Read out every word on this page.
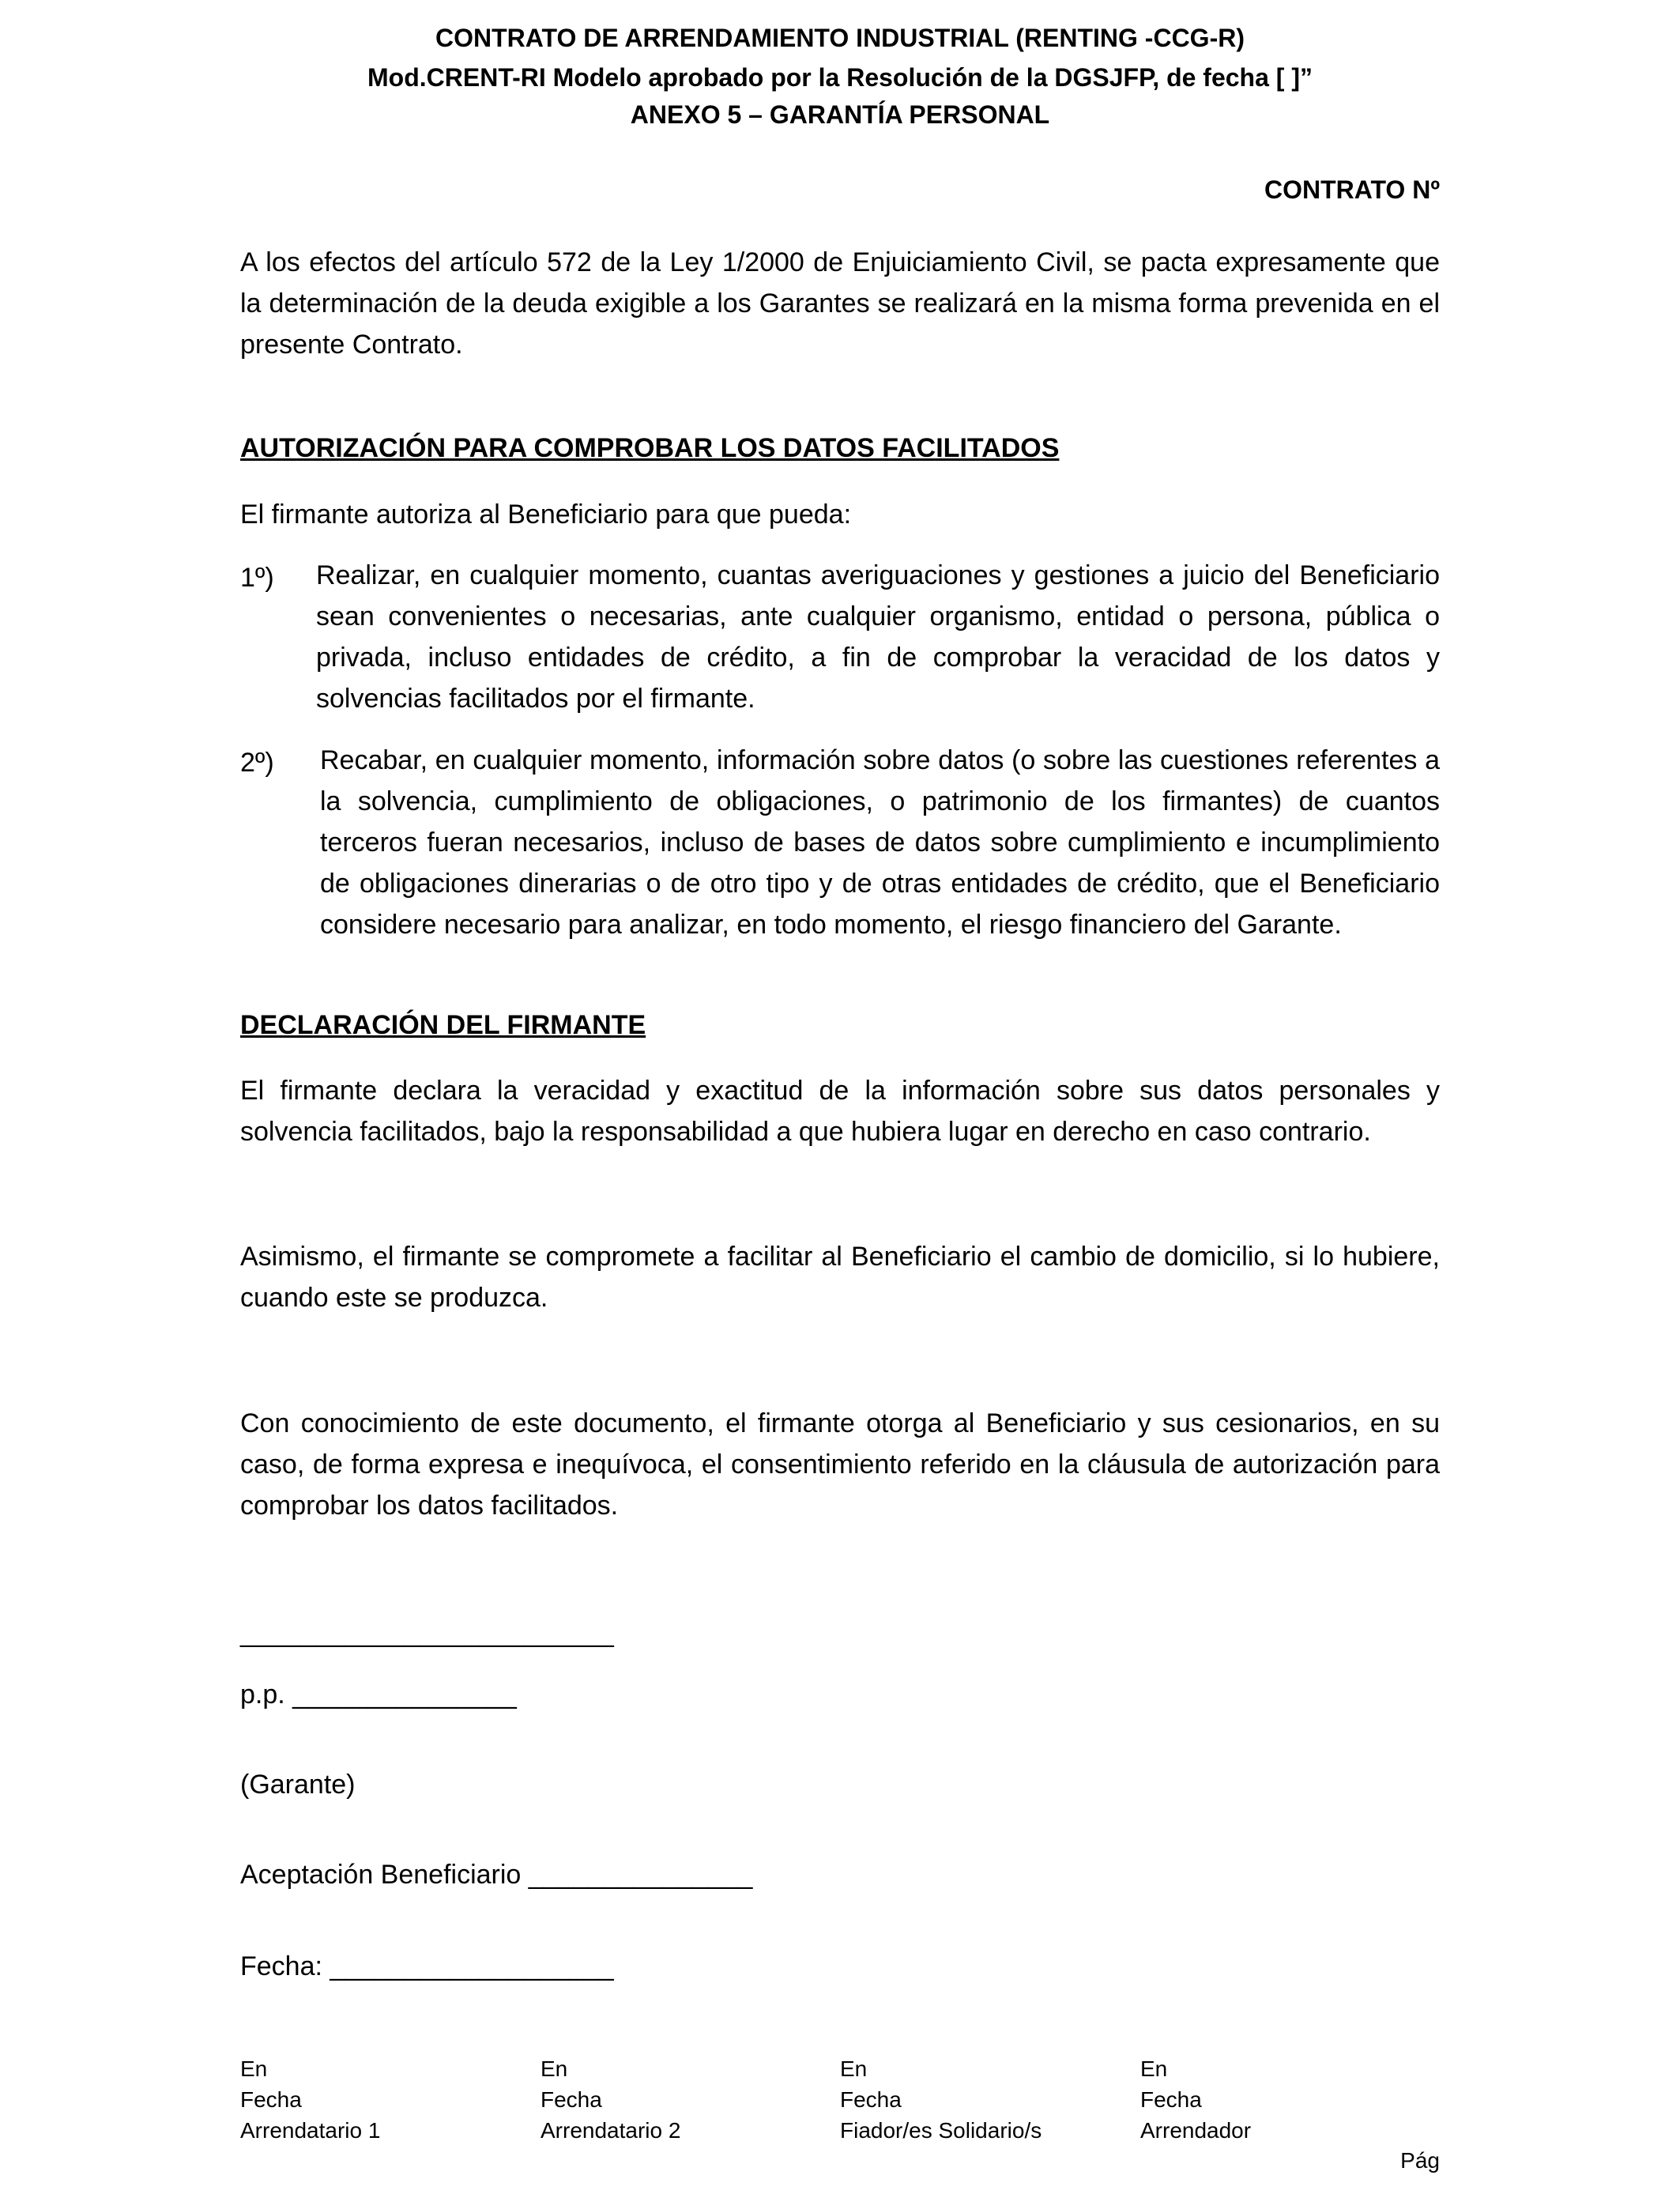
CONTRATO DE ARRENDAMIENTO INDUSTRIAL (RENTING -CCG-R)
Mod.CRENT-RI Modelo aprobado por la Resolución de la DGSJFP, de fecha [ ]”
ANEXO 5 – GARANTÍA PERSONAL
CONTRATO Nº
A los efectos del artículo 572 de la Ley 1/2000 de Enjuiciamiento Civil, se pacta expresamente que la determinación de la deuda exigible a los Garantes se realizará en la misma forma prevenida en el presente Contrato.
AUTORIZACIÓN PARA COMPROBAR LOS DATOS FACILITADOS
El firmante autoriza al Beneficiario para que pueda:
1º) Realizar, en cualquier momento, cuantas averiguaciones y gestiones a juicio del Beneficiario sean convenientes o necesarias, ante cualquier organismo, entidad o persona, pública o privada, incluso entidades de crédito, a fin de comprobar la veracidad de los datos y solvencias facilitados por el firmante.
2º) Recabar, en cualquier momento, información sobre datos (o sobre las cuestiones referentes a la solvencia, cumplimiento de obligaciones, o patrimonio de los firmantes) de cuantos terceros fueran necesarios, incluso de bases de datos sobre cumplimiento e incumplimiento de obligaciones dinerarias o de otro tipo y de otras entidades de crédito, que el Beneficiario considere necesario para analizar, en todo momento, el riesgo financiero del Garante.
DECLARACIÓN DEL FIRMANTE
El firmante declara la veracidad y exactitud de la información sobre sus datos personales y solvencia facilitados, bajo la responsabilidad a que hubiera lugar en derecho en caso contrario.
Asimismo, el firmante se compromete a facilitar al Beneficiario el cambio de domicilio, si lo hubiere, cuando este se produzca.
Con conocimiento de este documento, el firmante otorga al Beneficiario y sus cesionarios, en su caso, de forma expresa e inequívoca, el consentimiento referido en la cláusula de autorización para comprobar los datos facilitados.
_________________________
p.p. _______________
(Garante)
Aceptación Beneficiario _______________
Fecha: ___________________
En
Fecha
Arrendatario 1
En
Fecha
Arrendatario 2
En
Fecha
Fiador/es Solidario/s
En
Fecha
Arrendador
Pág
